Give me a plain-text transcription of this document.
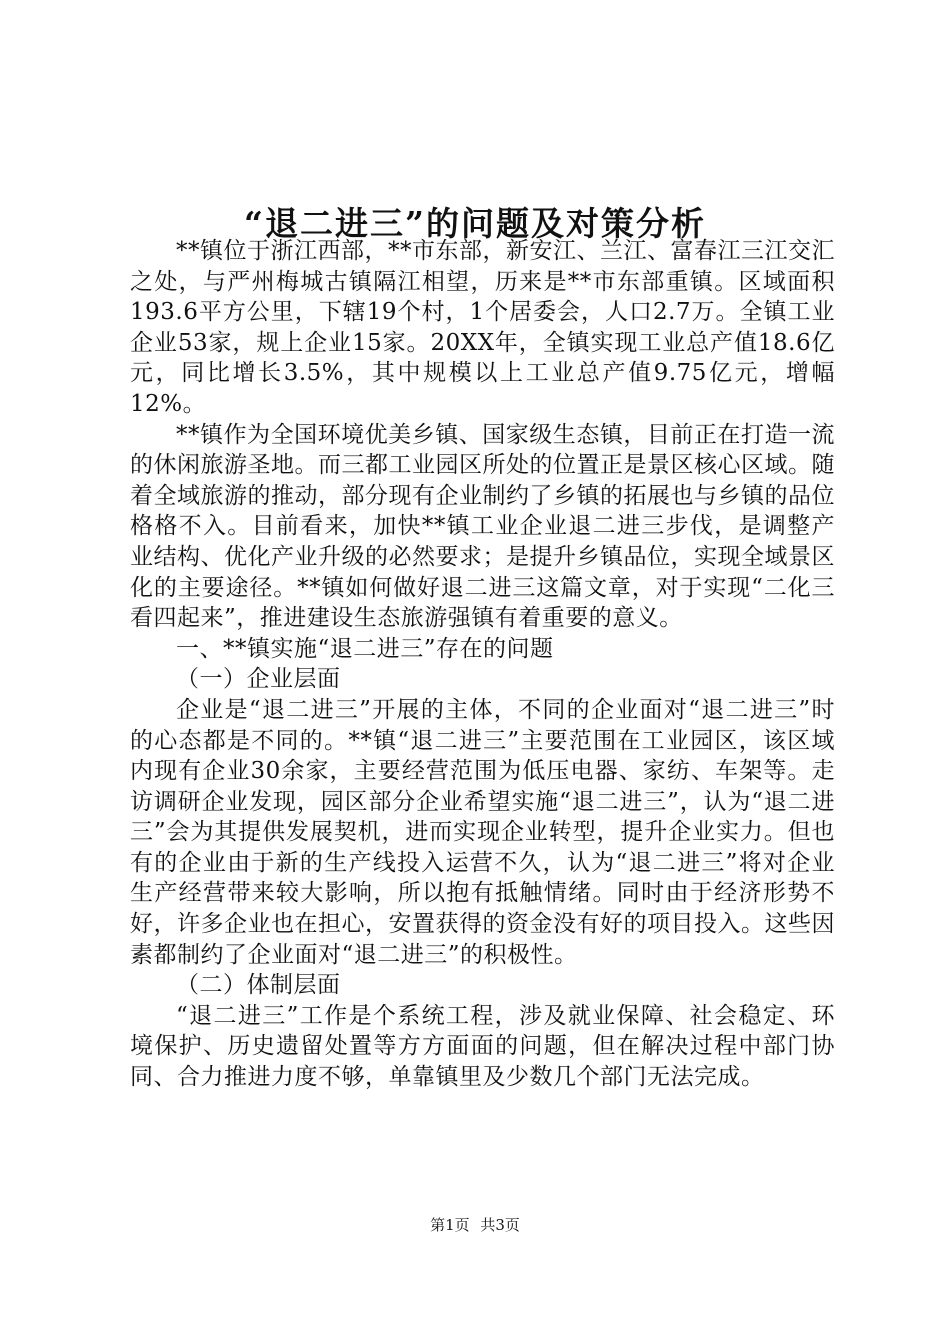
“退二进三”的问题及对策分析

**镇位于浙江西部，**市东部，新安江、兰江、富春江三江交汇之处，与严州梅城古镇隔江相望，历来是**市东部重镇。区域面积193.6平方公里，下辖19个村，1个居委会，人口2.7万。全镇工业企业53家，规上企业15家。20XX年，全镇实现工业总产值18.6亿元，同比增长3.5%，其中规模以上工业总产值9.75亿元，增幅12%。

**镇作为全国环境优美乡镇、国家级生态镇，目前正在打造一流的休闲旅游圣地。而三都工业园区所处的位置正是景区核心区域。随着全域旅游的推动，部分现有企业制约了乡镇的拓展也与乡镇的品位格格不入。目前看来，加快**镇工业企业退二进三步伐，是调整产业结构、优化产业升级的必然要求；是提升乡镇品位，实现全域景区化的主要途径。**镇如何做好退二进三这篇文章，对于实现“二化三看四起来”，推进建设生态旅游强镇有着重要的意义。

一、**镇实施“退二进三”存在的问题

（一）企业层面

企业是“退二进三”开展的主体，不同的企业面对“退二进三”时的心态都是不同的。**镇“退二进三”主要范围在工业园区，该区域内现有企业30余家，主要经营范围为低压电器、家纺、车架等。走访调研企业发现，园区部分企业希望实施“退二进三”，认为“退二进三”会为其提供发展契机，进而实现企业转型，提升企业实力。但也有的企业由于新的生产线投入运营不久，认为“退二进三”将对企业生产经营带来较大影响，所以抱有抵触情绪。同时由于经济形势不好，许多企业也在担心，安置获得的资金没有好的项目投入。这些因素都制约了企业面对“退二进三”的积极性。

（二）体制层面

“退二进三”工作是个系统工程，涉及就业保障、社会稳定、环境保护、历史遗留处置等方方面面的问题，但在解决过程中部门协同、合力推进力度不够，单靠镇里及少数几个部门无法完成。

第1页 共3页
